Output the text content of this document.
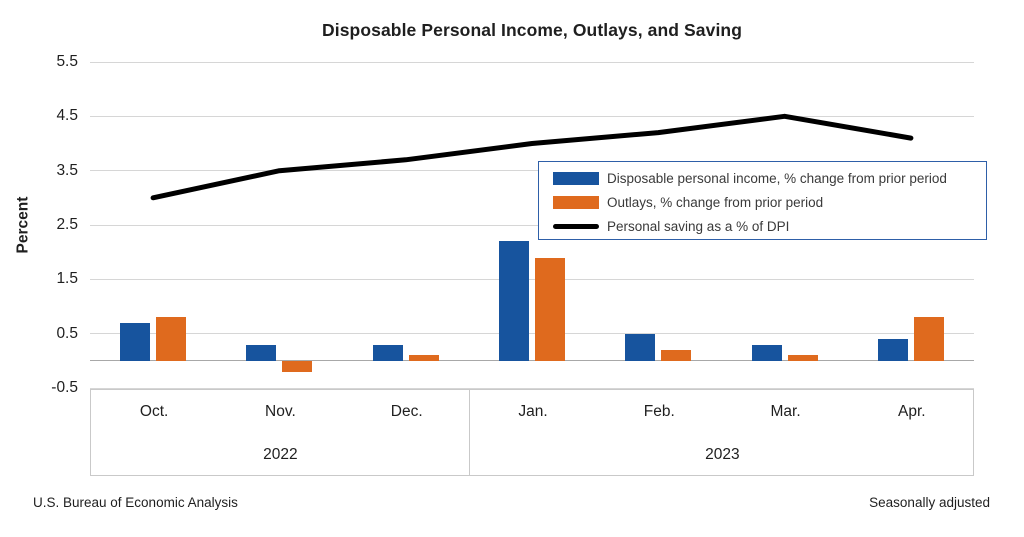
Disposable Personal Income, Outlays, and Saving
Percent
5.5
4.5
3.5
2.5
1.5
0.5
-0.5
Disposable personal income, % change from prior period
Outlays, % change from prior period
Personal saving as a % of DPI
Oct.	Nov.	Dec.	Jan.	Feb.	Mar.	Apr.
2022	2023
U.S. Bureau of Economic Analysis	Seasonally adjusted
